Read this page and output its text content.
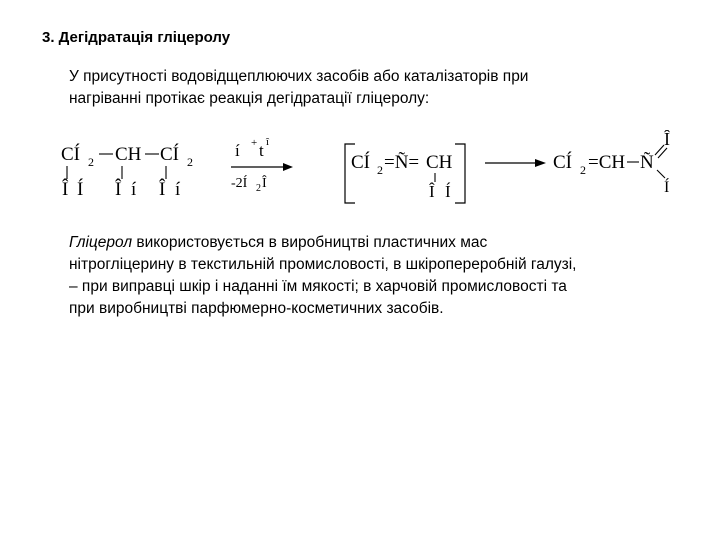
3. Дегідратація гліцеролу
У присутності водовідщеплюючих засобів або каталізаторів при
нагріванні протікає реакція дегідратації гліцеролу:
CÍ 2 CH CÍ 2
Î Í Î í Î í
í + t î
-2Í 2 Î
CÍ 2 =Ñ= CH
Î Í
CÍ 2 =CH Ñ
Î
Í
Гліцерол використовується в виробництві пластичних мас
нітрогліцерину в текстильній промисловості, в шкіропереробній галузі,
– при виправці шкір і наданні їм мякості; в харчовій промисловості та
при виробництві парфюмерно-косметичних засобів.
